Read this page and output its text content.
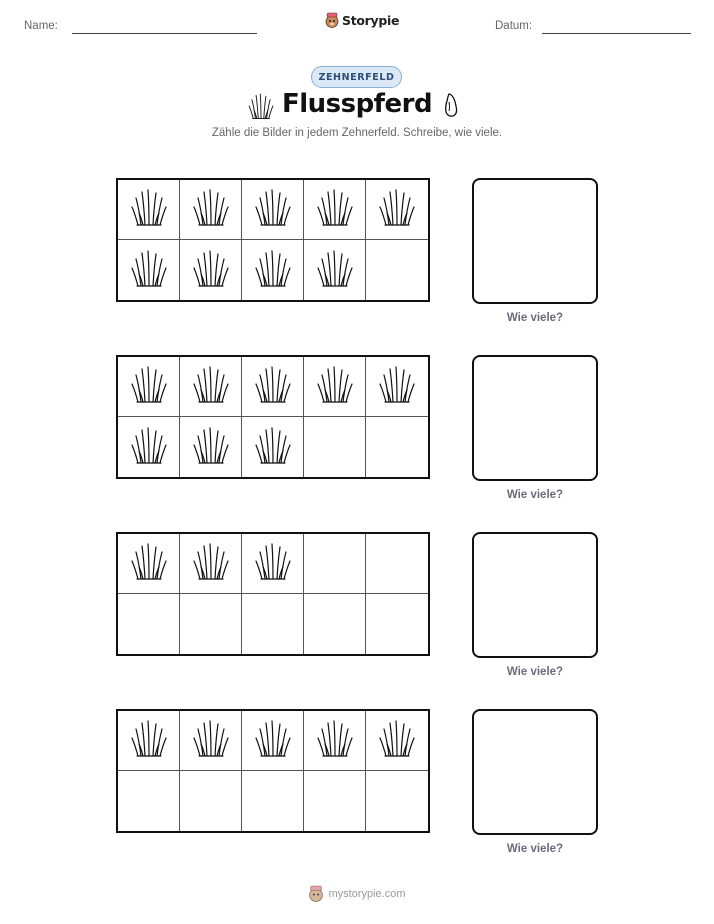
Name:	Storypie	Datum:
ZEHNERFELD
Flusspferd
Zähle die Bilder in jedem Zehnerfeld. Schreibe, wie viele.
Wie viele?
Wie viele?
Wie viele?
Wie viele?
mystorypie.com
